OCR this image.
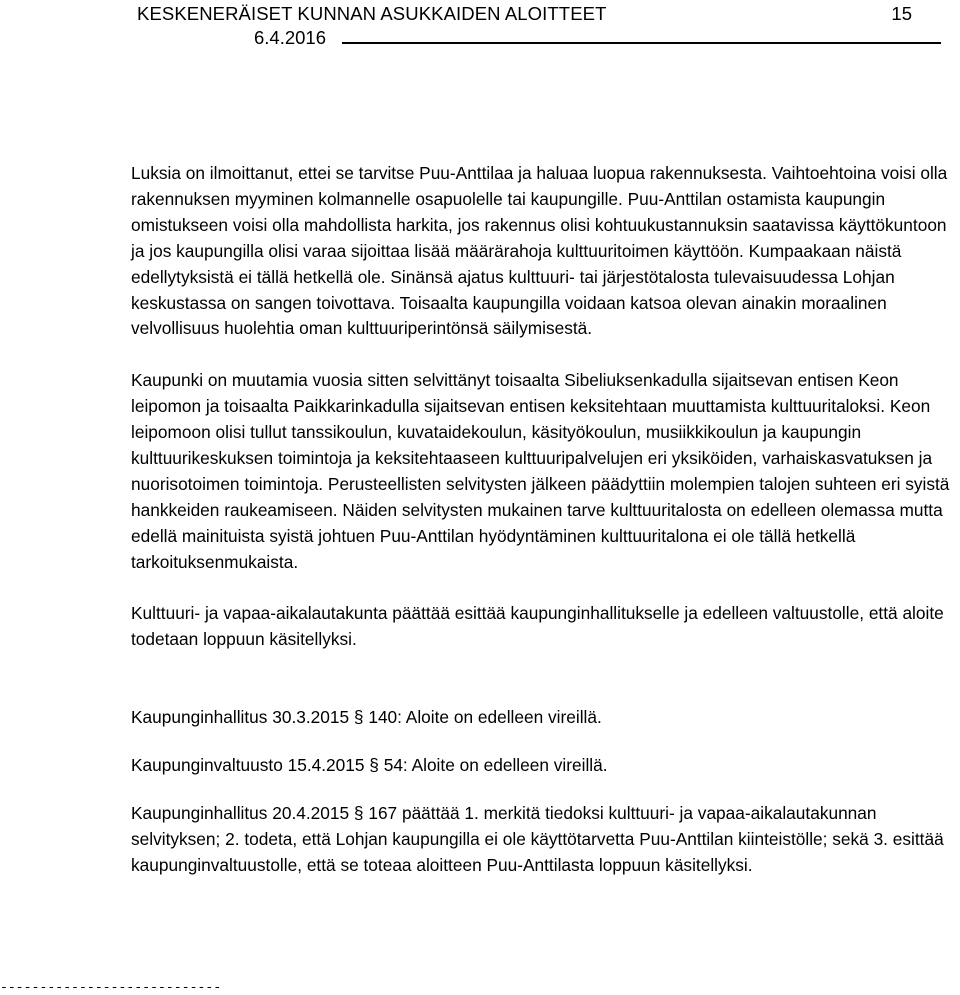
KESKENERÄISET KUNNAN ASUKKAIDEN ALOITTEET	15
6.4.2016

Luksia on ilmoittanut, ettei se tarvitse Puu-Anttilaa ja haluaa luopua rakennuksesta. Vaihtoehtoina voisi olla rakennuksen myyminen kolmannelle osapuolelle tai kaupungille. Puu-Anttilan ostamista kaupungin omistukseen voisi olla mahdollista harkita, jos rakennus olisi kohtuukustannuksin saatavissa käyttökuntoon ja jos kaupungilla olisi varaa sijoittaa lisää määrärahoja kulttuuritoimen käyttöön. Kumpaakaan näistä edellytyksistä ei tällä hetkellä ole. Sinänsä ajatus kulttuuri- tai järjestötalosta tulevaisuudessa Lohjan keskustassa on sangen toivottava. Toisaalta kaupungilla voidaan katsoa olevan ainakin moraalinen velvollisuus huolehtia oman kulttuuriperintönsä säilymisestä.

Kaupunki on muutamia vuosia sitten selvittänyt toisaalta Sibeliuksenkadulla sijaitsevan entisen Keon leipomon ja toisaalta Paikkarinkadulla sijaitsevan entisen keksitehtaan muuttamista kulttuuritaloksi. Keon leipomoon olisi tullut tanssikoulun, kuvataidekoulun, käsityökoulun, musiikkikoulun ja kaupungin kulttuurikeskuksen toimintoja ja keksitehtaaseen kulttuuripalvelujen eri yksiköiden, varhaiskasvatuksen ja nuorisotoimen toimintoja. Perusteellisten selvitysten jälkeen päädyttiin molempien talojen suhteen eri syistä hankkeiden raukeamiseen. Näiden selvitysten mukainen tarve kulttuuritalosta on edelleen olemassa mutta edellä mainituista syistä johtuen Puu-Anttilan hyödyntäminen kulttuuritalona ei ole tällä hetkellä tarkoituksenmukaista.

Kulttuuri- ja vapaa-aikalautakunta päättää esittää kaupunginhallitukselle ja edelleen valtuustolle, että aloite todetaan loppuun käsitellyksi.

Kaupunginhallitus 30.3.2015 § 140: Aloite on edelleen vireillä.

Kaupunginvaltuusto 15.4.2015 § 54: Aloite on edelleen vireillä.

Kaupunginhallitus 20.4.2015 § 167 päättää 1. merkitä tiedoksi kulttuuri- ja vapaa-aikalautakunnan selvityksen; 2. todeta, että Lohjan kaupungilla ei ole käyttötarvetta Puu-Anttilan kiinteistölle; sekä 3. esittää kaupunginvaltuustolle, että se toteaa aloitteen Puu-Anttilasta loppuun käsitellyksi.

----------------------------
